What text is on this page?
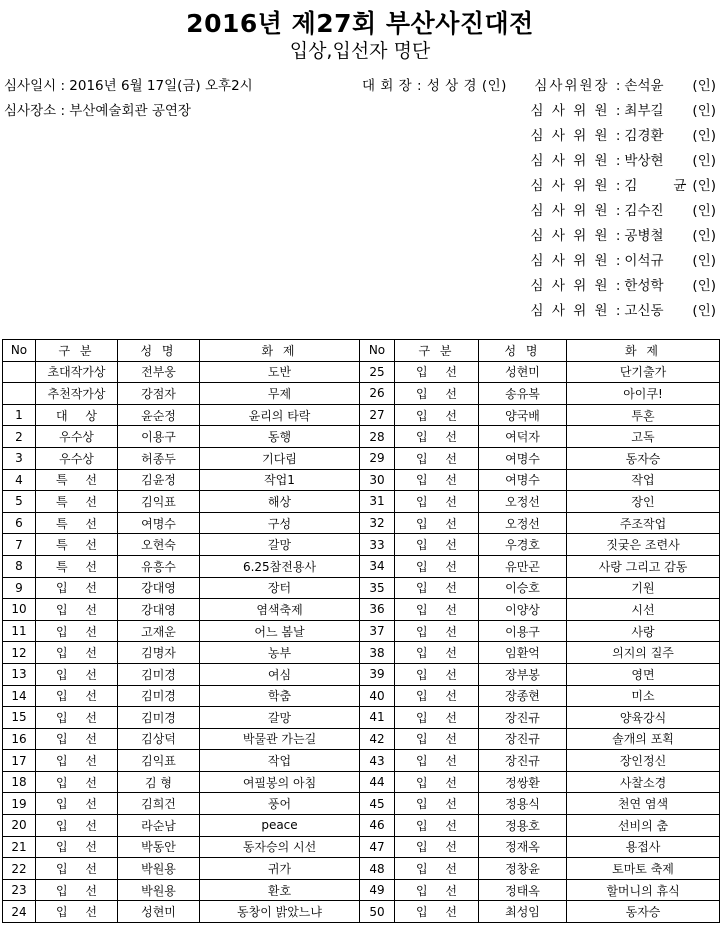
2016년 제27회 부산사진대전
입상,입선자 명단
심사일시 : 2016년 6월 17일(금) 오후2시
심사장소 : 부산예술회관 공연장
대 회 장 : 성 상 경 (인) 심사위원장 : 손석윤	(인)
심 사 위 원 : 최부길	(인)
심 사 위 원 : 김경환	(인)
심 사 위 원 : 박상현	(인)
심 사 위 원 : 김 균 (인)
심 사 위 원 : 김수진	(인)
심 사 위 원 : 공병철	(인)
심 사 위 원 : 이석규	(인)
심 사 위 원 : 한성학	(인)
심 사 위 원 : 고신동	(인)
No	구 분	성 명	화 제	No	구 분	성 명	화 제
	초대작가상	전부웅	도반	25	입 선	성현미	단기출가
	추천작가상	강점자	무제	26	입 선	송유복	아이쿠!
1	대 상	윤순정	윤리의 타락	27	입 선	양국배	투혼
2	우수상	이용구	동행	28	입 선	여덕자	고독
3	우수상	허종두	기다림	29	입 선	여명수	동자승
4	특 선	김윤정	작업1	30	입 선	여명수	작업
5	특 선	김익표	해상	31	입 선	오정선	장인
6	특 선	여명수	구성	32	입 선	오정선	주조작업
7	특 선	오현숙	갈망	33	입 선	우경호	짓궂은 조련사
8	특 선	유흥수	6.25참전용사	34	입 선	유만곤	사랑 그리고 감동
9	입 선	강대영	장터	35	입 선	이승호	기원
10	입 선	강대영	염색축제	36	입 선	이양상	시선
11	입 선	고재운	어느 봄날	37	입 선	이용구	사랑
12	입 선	김명자	농부	38	입 선	임환억	의지의 질주
13	입 선	김미경	여심	39	입 선	장부봉	영면
14	입 선	김미경	학춤	40	입 선	장종현	미소
15	입 선	김미경	갈망	41	입 선	장진규	양육강식
16	입 선	김상덕	박물관 가는길	42	입 선	장진규	솔개의 포획
17	입 선	김익표	작업	43	입 선	장진규	장인정신
18	입 선	김 형	여필봉의 아침	44	입 선	정쌍환	사찰소경
19	입 선	김희건	풍어	45	입 선	정용식	천연 염색
20	입 선	라순남	peace	46	입 선	정용호	선비의 춤
21	입 선	박동안	동자승의 시선	47	입 선	정재옥	용접사
22	입 선	박원용	귀가	48	입 선	정창윤	토마토 축제
23	입 선	박원용	환호	49	입 선	정태옥	할머니의 휴식
24	입 선	성현미	동창이 밝았느냐	50	입 선	최성임	동자승
